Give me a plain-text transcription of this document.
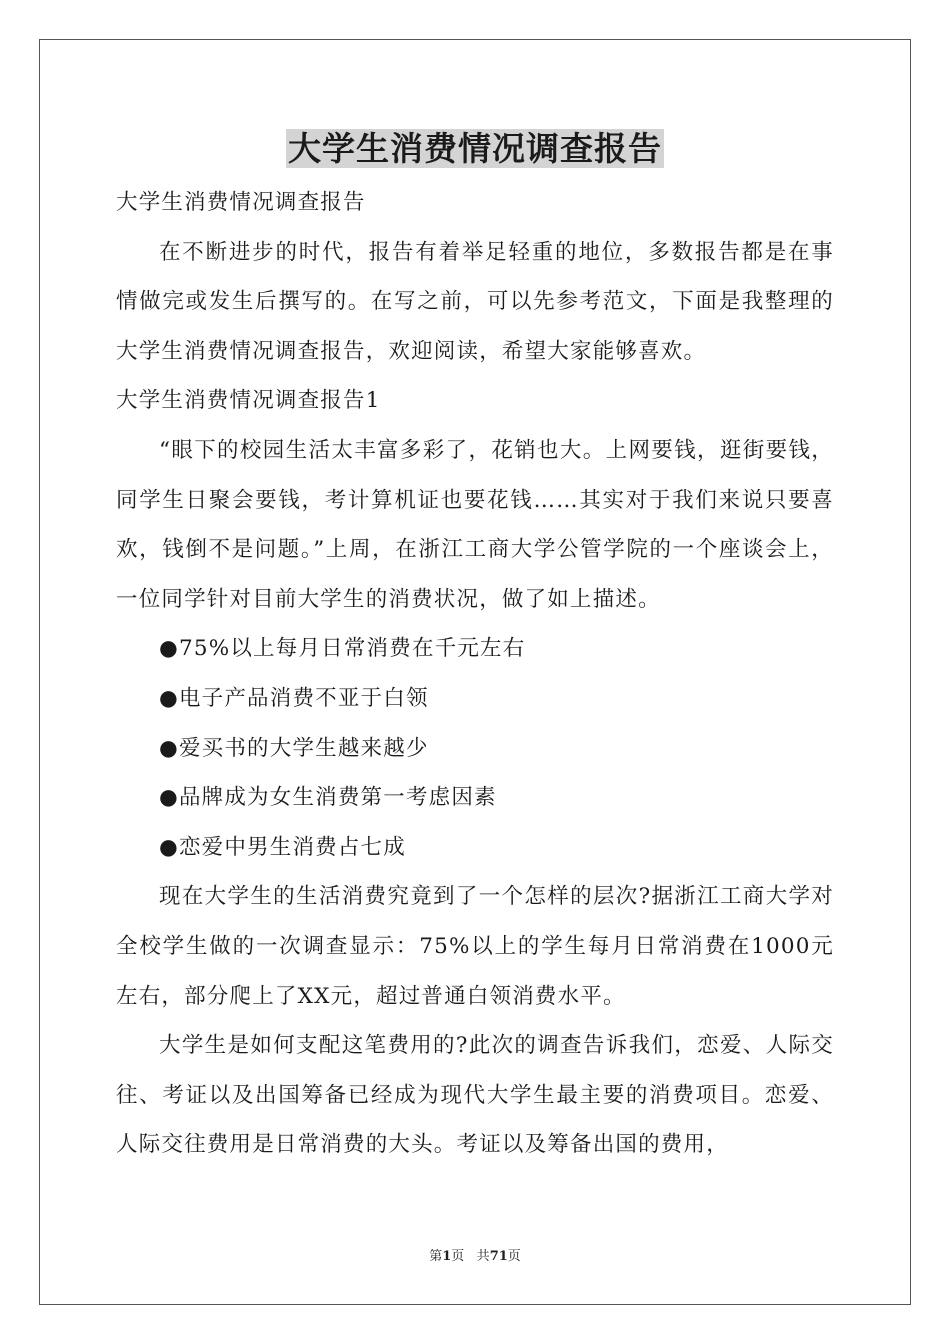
大学生消费情况调查报告

大学生消费情况调查报告

在不断进步的时代，报告有着举足轻重的地位，多数报告都是在事情做完或发生后撰写的。在写之前，可以先参考范文，下面是我整理的大学生消费情况调查报告，欢迎阅读，希望大家能够喜欢。

大学生消费情况调查报告1

“眼下的校园生活太丰富多彩了，花销也大。上网要钱，逛街要钱，同学生日聚会要钱，考计算机证也要花钱……其实对于我们来说只要喜欢，钱倒不是问题。”上周，在浙江工商大学公管学院的一个座谈会上，一位同学针对目前大学生的消费状况，做了如上描述。

●75%以上每月日常消费在千元左右

●电子产品消费不亚于白领

●爱买书的大学生越来越少

●品牌成为女生消费第一考虑因素

●恋爱中男生消费占七成

现在大学生的生活消费究竟到了一个怎样的层次?据浙江工商大学对全校学生做的一次调查显示：75%以上的学生每月日常消费在1000元左右，部分爬上了XX元，超过普通白领消费水平。

大学生是如何支配这笔费用的?此次的调查告诉我们，恋爱、人际交往、考证以及出国筹备已经成为现代大学生最主要的消费项目。恋爱、人际交往费用是日常消费的大头。考证以及筹备出国的费用，

第1页 共71页
